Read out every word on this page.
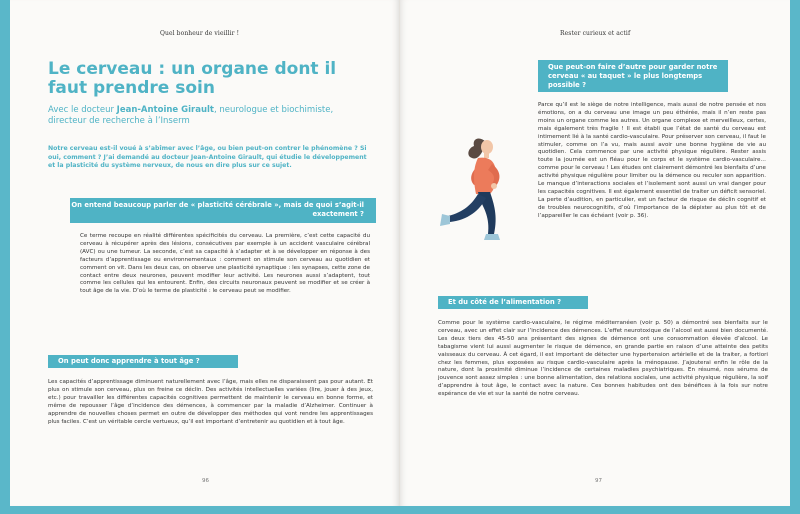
Quel bonheur de vieillir !
Le cerveau : un organe dont il faut prendre soin
Avec le docteur Jean-Antoine Girault, neurologue et biochimiste, directeur de recherche à l’Inserm

Notre cerveau est-il voué à s’abîmer avec l’âge, ou bien peut-on contrer le phénomène ? Si oui, comment ? J’ai demandé au docteur Jean-Antoine Girault, qui étudie le développement et la plasticité du système nerveux, de nous en dire plus sur ce sujet.

On entend beaucoup parler de « plasticité cérébrale », mais de quoi s’agit-il exactement ?

Ce terme recoupe en réalité différentes spécificités du cerveau. La première, c’est cette capacité du cerveau à récupérer après des lésions, consécutives par exemple à un accident vasculaire cérébral (AVC) ou une tumeur. La seconde, c’est sa capacité à s’adapter et à se développer en réponse à des facteurs d’apprentissage ou environnementaux : comment on stimule son cerveau au quotidien et comment on vit. Dans les deux cas, on observe une plasticité synaptique : les synapses, cette zone de contact entre deux neurones, peuvent modifier leur activité. Les neurones aussi s’adaptent, tout comme les cellules qui les entourent. Enfin, des circuits neuronaux peuvent se modifier et se créer à tout âge de la vie. D’où le terme de plasticité : le cerveau peut se modifier.

On peut donc apprendre à tout âge ?

Les capacités d’apprentissage diminuent naturellement avec l’âge, mais elles ne disparaissent pas pour autant. Et plus on stimule son cerveau, plus on freine ce déclin. Des activités intellectuelles variées (lire, jouer à des jeux, etc.) pour travailler les différentes capacités cognitives permettent de maintenir le cerveau en bonne forme, et même de repousser l’âge d’incidence des démences, à commencer par la maladie d’Alzheimer. Continuer à apprendre de nouvelles choses permet en outre de développer des méthodes qui vont rendre les apprentissages plus faciles. C’est un véritable cercle vertueux, qu’il est important d’entretenir au quotidien et à tout âge.

96
Rester curieux et actif
Que peut-on faire d’autre pour garder notre cerveau « au taquet » le plus longtemps possible ?

Parce qu’il est le siège de notre intelligence, mais aussi de notre pensée et nos émotions, on a du cerveau une image un peu éthérée, mais il n’en reste pas moins un organe comme les autres. Un organe complexe et merveilleux, certes, mais également très fragile ! Il est établi que l’état de santé du cerveau est intimement lié à la santé cardio-vasculaire. Pour préserver son cerveau, il faut le stimuler, comme on l’a vu, mais aussi avoir une bonne hygiène de vie au quotidien. Cela commence par une activité physique régulière. Rester assis toute la journée est un fléau pour le corps et le système cardio-vasculaire… comme pour le cerveau ! Les études ont clairement démontré les bienfaits d’une activité physique régulière pour limiter ou la démence ou reculer son apparition. Le manque d’interactions sociales et l’isolement sont aussi un vrai danger pour les capacités cognitives. Il est également essentiel de traiter un déficit sensoriel. La perte d’audition, en particulier, est un facteur de risque de déclin cognitif et de troubles neurocognitifs, d’où l’importance de la dépister au plus tôt et de l’appareiller le cas échéant (voir p. 36).

Et du côté de l’alimentation ?

Comme pour le système cardio-vasculaire, le régime méditerranéen (voir p. 50) a démontré ses bienfaits sur le cerveau, avec un effet clair sur l’incidence des démences. L’effet neurotoxique de l’alcool est aussi bien documenté. Les deux tiers des 45-50 ans présentant des signes de démence ont une consommation élevée d’alcool. Le tabagisme vient lui aussi augmenter le risque de démence, en grande partie en raison d’une atteinte des petits vaisseaux du cerveau. À cet égard, il est important de détecter une hypertension artérielle et de la traiter, a fortiori chez les femmes, plus exposées au risque cardio-vasculaire après la ménopause. J’ajouterai enfin le rôle de la nature, dont la proximité diminue l’incidence de certaines maladies psychiatriques. En résumé, nos sérums de jouvence sont assez simples : une bonne alimentation, des relations sociales, une activité physique régulière, la soif d’apprendre à tout âge, le contact avec la nature. Ces bonnes habitudes ont des bénéfices à la fois sur notre espérance de vie et sur la santé de notre cerveau.

97
